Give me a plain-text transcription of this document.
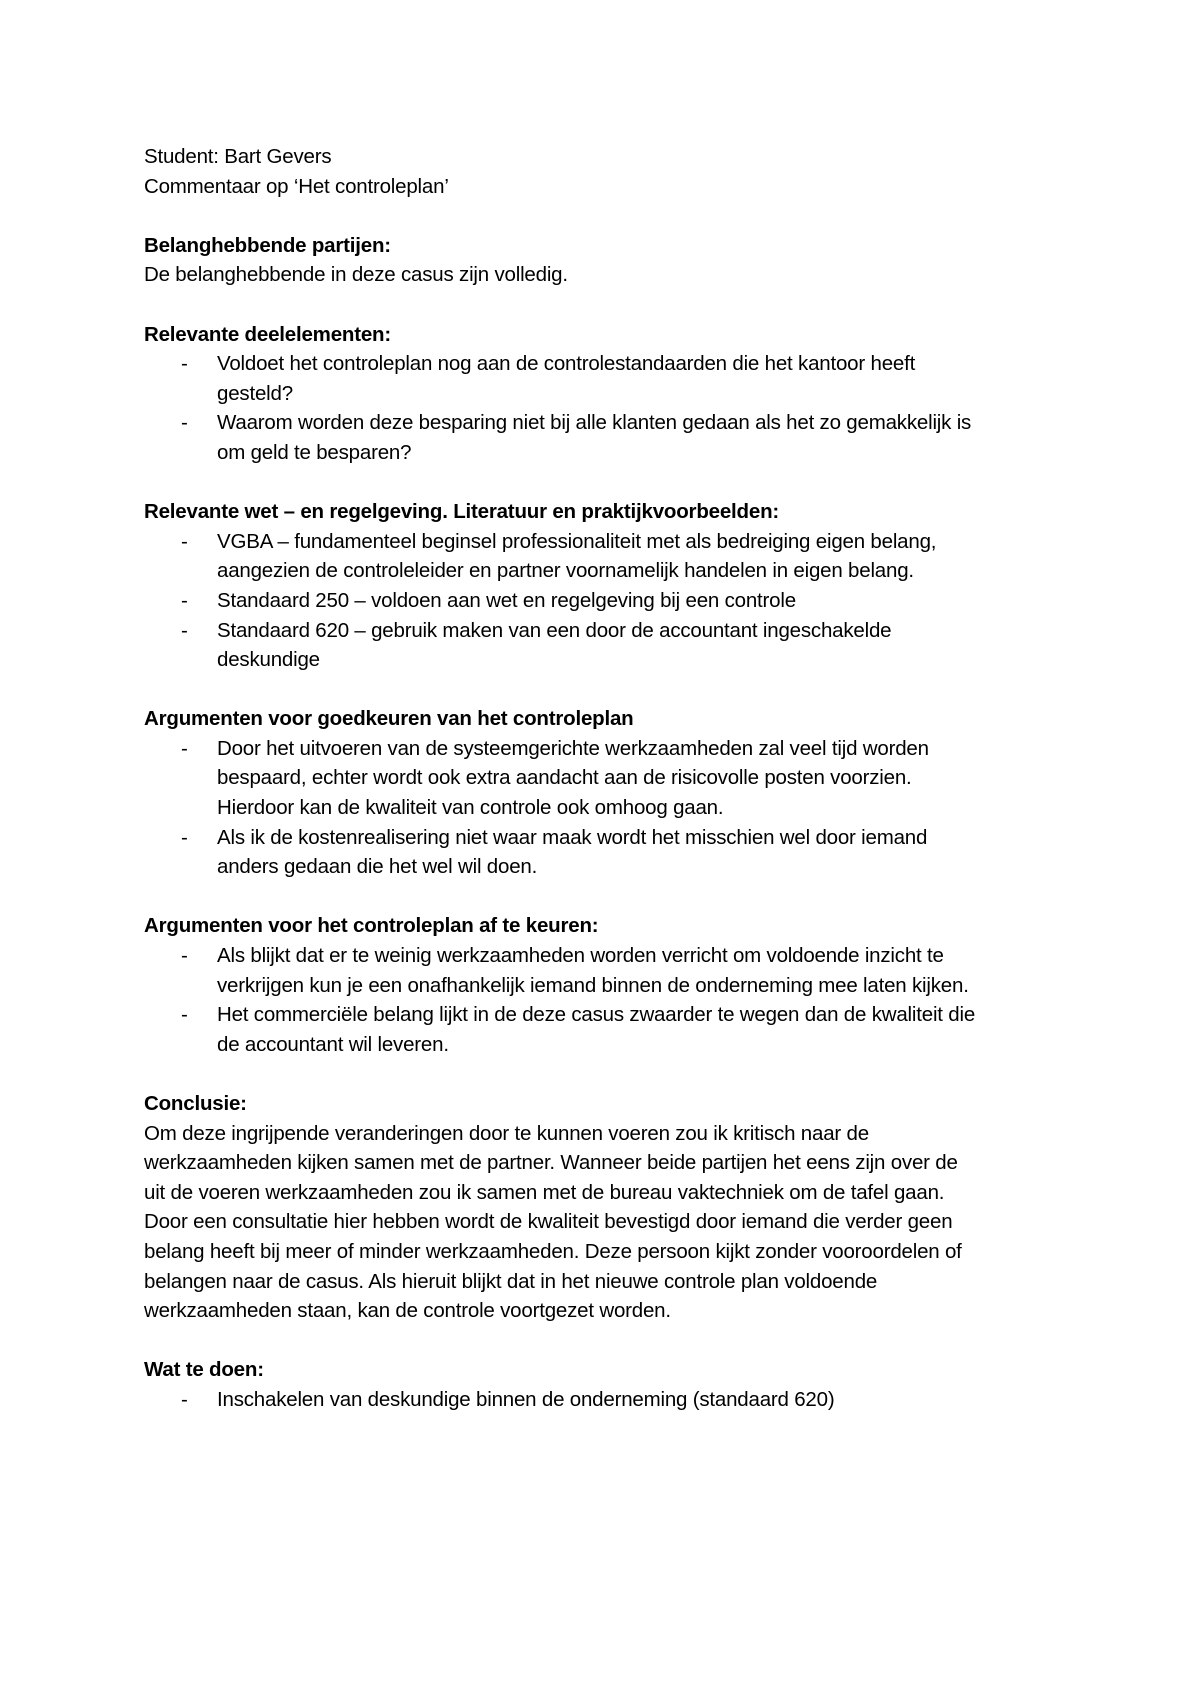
Student: Bart Gevers

Commentaar op ‘Het controleplan’

Belanghebbende partijen:

De belanghebbende in deze casus zijn volledig.

Relevante deelelementen:

- Voldoet het controleplan nog aan de controlestandaarden die het kantoor heeft
gesteld?
- Waarom worden deze besparing niet bij alle klanten gedaan als het zo gemakkelijk is
om geld te besparen?

Relevante wet – en regelgeving. Literatuur en praktijkvoorbeelden:

- VGBA – fundamenteel beginsel professionaliteit met als bedreiging eigen belang,
aangezien de controleleider en partner voornamelijk handelen in eigen belang.
- Standaard 250 – voldoen aan wet en regelgeving bij een controle
- Standaard 620 – gebruik maken van een door de accountant ingeschakelde
deskundige

Argumenten voor goedkeuren van het controleplan

- Door het uitvoeren van de systeemgerichte werkzaamheden zal veel tijd worden
bespaard, echter wordt ook extra aandacht aan de risicovolle posten voorzien.
Hierdoor kan de kwaliteit van controle ook omhoog gaan.
- Als ik de kostenrealisering niet waar maak wordt het misschien wel door iemand
anders gedaan die het wel wil doen.

Argumenten voor het controleplan af te keuren:

- Als blijkt dat er te weinig werkzaamheden worden verricht om voldoende inzicht te
verkrijgen kun je een onafhankelijk iemand binnen de onderneming mee laten kijken.
- Het commerciële belang lijkt in de deze casus zwaarder te wegen dan de kwaliteit die
de accountant wil leveren.

Conclusie:

Om deze ingrijpende veranderingen door te kunnen voeren zou ik kritisch naar de
werkzaamheden kijken samen met de partner. Wanneer beide partijen het eens zijn over de
uit de voeren werkzaamheden zou ik samen met de bureau vaktechniek om de tafel gaan.
Door een consultatie hier hebben wordt de kwaliteit bevestigd door iemand die verder geen
belang heeft bij meer of minder werkzaamheden. Deze persoon kijkt zonder vooroordelen of
belangen naar de casus. Als hieruit blijkt dat in het nieuwe controle plan voldoende
werkzaamheden staan, kan de controle voortgezet worden.

Wat te doen:

- Inschakelen van deskundige binnen de onderneming (standaard 620)
